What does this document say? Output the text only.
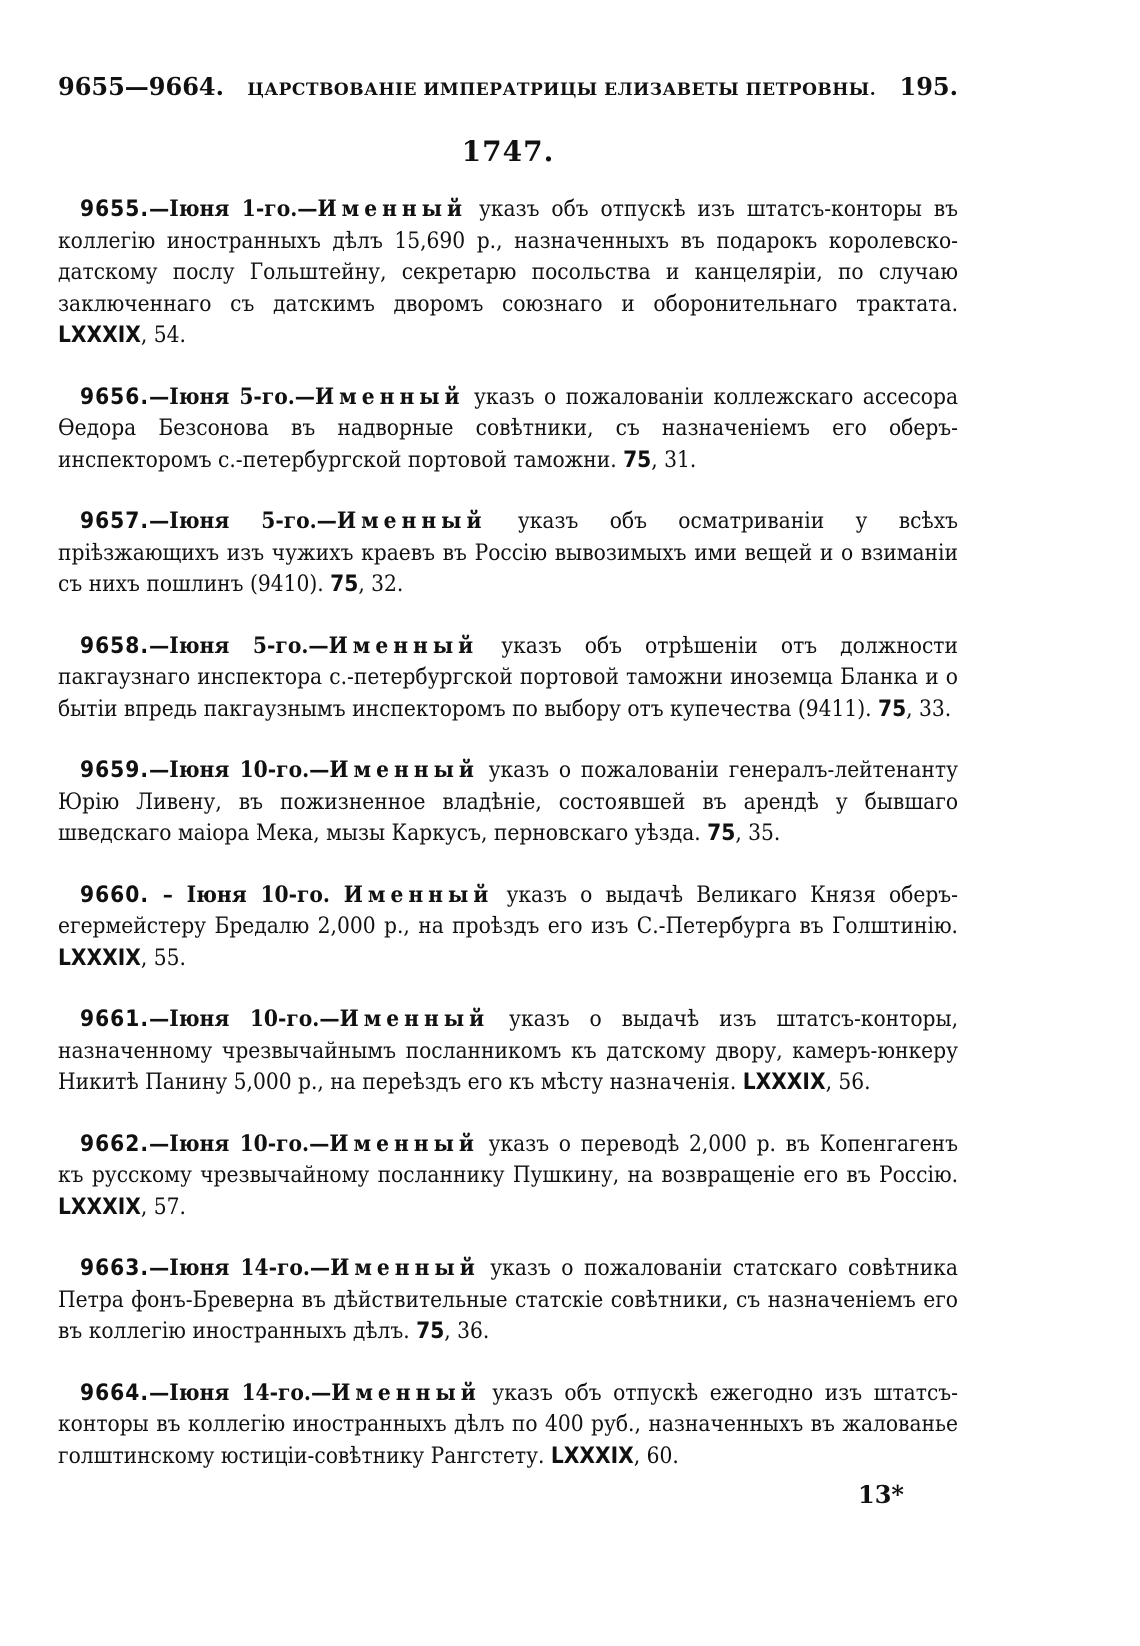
9655—9664. ЦАРСТВОВАНІЕ ИМПЕРАТРИЦЫ ЕЛИЗАВЕТЫ ПЕТРОВНЫ. 195.
1747.

9655.—Іюня 1-го.—Именный указъ объ отпускѣ изъ штатсъ-конторы въ коллегію иностранныхъ дѣлъ 15,690 р., назначенныхъ въ подарокъ королевско-датскому послу Гольштейну, секретарю посольства и канцеляріи, по случаю заключеннаго съ датскимъ дворомъ союзнаго и оборонительнаго трактата. LXXXIX, 54.

9656.—Іюня 5-го.—Именный указъ о пожалованіи коллежскаго ассесора Ѳедора Безсонова въ надворные совѣтники, съ назначеніемъ его оберъ-инспекторомъ с.-петербургской портовой таможни. 75, 31.

9657.—Іюня 5-го.—Именный указъ объ осматриваніи у всѣхъ пріѣзжающихъ изъ чужихъ краевъ въ Россію вывозимыхъ ими вещей и о взиманіи съ нихъ пошлинъ (9410). 75, 32.

9658.—Іюня 5-го.—Именный указъ объ отрѣшеніи отъ должности пакгаузнаго инспектора с.-петербургской портовой таможни иноземца Бланка и о бытіи впредь пакгаузнымъ инспекторомъ по выбору отъ купечества (9411). 75, 33.

9659.—Іюня 10-го.—Именный указъ о пожалованіи генералъ-лейтенанту Юрію Ливену, въ пожизненное владѣніе, состоявшей въ арендѣ у бывшаго шведскаго маіора Мека, мызы Каркусъ, перновскаго уѣзда. 75, 35.

9660. – Іюня 10-го. Именный указъ о выдачѣ Великаго Князя оберъ-егермейстеру Бредалю 2,000 р., на проѣздъ его изъ С.-Петербурга въ Голштинію. LXXXIX, 55.

9661.—Іюня 10-го.—Именный указъ о выдачѣ изъ штатсъ-конторы, назначенному чрезвычайнымъ посланникомъ къ датскому двору, камеръ-юнкеру Никитѣ Панину 5,000 р., на переѣздъ его къ мѣсту назначенія. LXXXIX, 56.

9662.—Іюня 10-го.—Именный указъ о переводѣ 2,000 р. въ Копенгагенъ къ русскому чрезвычайному посланнику Пушкину, на возвращеніе его въ Россію. LXXXIX, 57.

9663.—Іюня 14-го.—Именный указъ о пожалованіи статскаго совѣтника Петра фонъ-Бреверна въ дѣйствительные статскіе совѣтники, съ назначеніемъ его въ коллегію иностранныхъ дѣлъ. 75, 36.

9664.—Іюня 14-го.—Именный указъ объ отпускѣ ежегодно изъ штатсъ-конторы въ коллегію иностранныхъ дѣлъ по 400 руб., назначенныхъ въ жалованье голштинскому юстиціи-совѣтнику Рангстету. LXXXIX, 60.

13*
